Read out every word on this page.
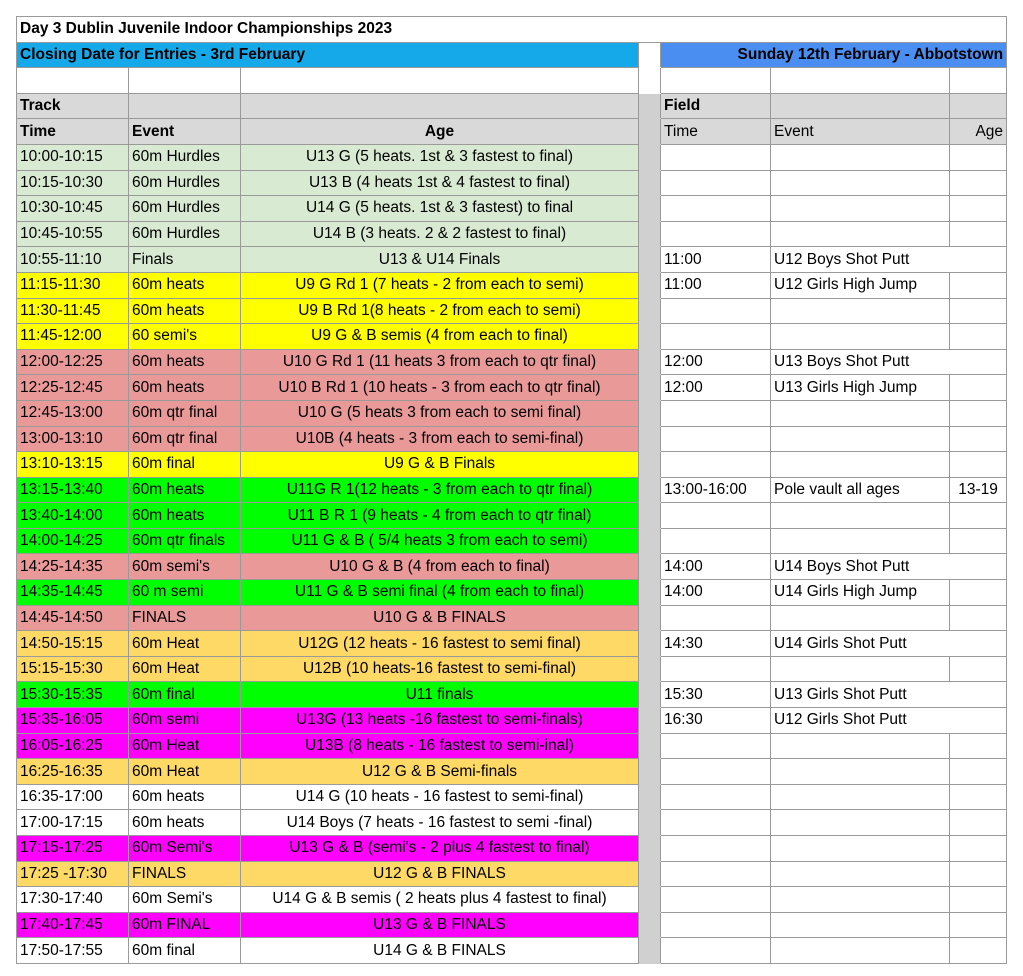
Day 3 Dublin Juvenile Indoor Championships 2023						
Closing Date for Entries - 3rd February				Sunday 12th February - Abbotstown		

Track				Field		
Time	Event	Age		Time	Event	Age
10:00-10:15	60m Hurdles	U13 G (5 heats. 1st & 3 fastest to final)				
10:15-10:30	60m Hurdles	U13 B (4 heats 1st & 4 fastest to final)				
10:30-10:45	60m Hurdles	U14 G (5 heats. 1st & 3 fastest) to final				
10:45-10:55	60m Hurdles	U14 B (3 heats. 2 & 2 fastest to final)				
10:55-11:10	Finals	U13 & U14 Finals		11:00	U12 Boys Shot Putt	
11:15-11:30	60m heats	U9 G Rd 1 (7 heats - 2 from each to semi)		11:00	U12 Girls High Jump	
11:30-11:45	60m heats	U9 B Rd 1(8 heats - 2 from each to semi)				
11:45-12:00	60 semi's	U9 G & B semis (4 from each to final)				
12:00-12:25	60m heats	U10 G Rd 1 (11 heats 3 from each to qtr final)		12:00	U13 Boys Shot Putt	
12:25-12:45	60m heats	U10 B Rd 1 (10 heats - 3 from each to qtr final)		12:00	U13 Girls High Jump	
12:45-13:00	60m qtr final	U10 G (5 heats 3 from each to semi final)				
13:00-13:10	60m qtr final	U10B (4 heats - 3 from each to semi-final)				
13:10-13:15	60m final	U9 G & B Finals				
13:15-13:40	60m heats	U11G R 1(12 heats - 3 from each to qtr final)		13:00-16:00	Pole vault all ages	13-19
13:40-14:00	60m heats	U11 B R 1 (9 heats - 4 from each to qtr final)				
14:00-14:25	60m qtr finals	U11 G & B ( 5/4 heats 3 from each to semi)				
14:25-14:35	60m semi's	U10 G & B (4 from each to final)		14:00	U14 Boys Shot Putt	
14:35-14:45	60 m semi	U11 G & B semi final (4 from each to final)		14:00	U14 Girls High Jump	
14:45-14:50	FINALS	U10 G & B FINALS				
14:50-15:15	60m Heat	U12G (12 heats - 16 fastest to semi final)		14:30	U14 Girls Shot Putt	
15:15-15:30	60m Heat	U12B (10 heats-16 fastest to semi-final)				
15:30-15:35	60m final	U11 finals		15:30	U13 Girls Shot Putt	
15:35-16:05	60m semi	U13G (13 heats -16 fastest to semi-finals)		16:30	U12 Girls Shot Putt	
16:05-16:25	60m Heat	U13B (8 heats - 16 fastest to semi-inal)				
16:25-16:35	60m Heat	U12 G & B Semi-finals				
16:35-17:00	60m heats	U14 G (10 heats - 16 fastest to semi-final)				
17:00-17:15	60m heats	U14 Boys (7 heats - 16 fastest to semi -final)				
17:15-17:25	60m Semi's	U13 G & B (semi's - 2 plus 4 fastest to final)				
17:25 -17:30	FINALS	U12 G & B FINALS				
17:30-17:40	60m Semi's	U14 G & B semis ( 2 heats plus 4 fastest to final)				
17:40-17:45	60m FINAL	U13 G & B FINALS				
17:50-17:55	60m final	U14 G & B FINALS				
